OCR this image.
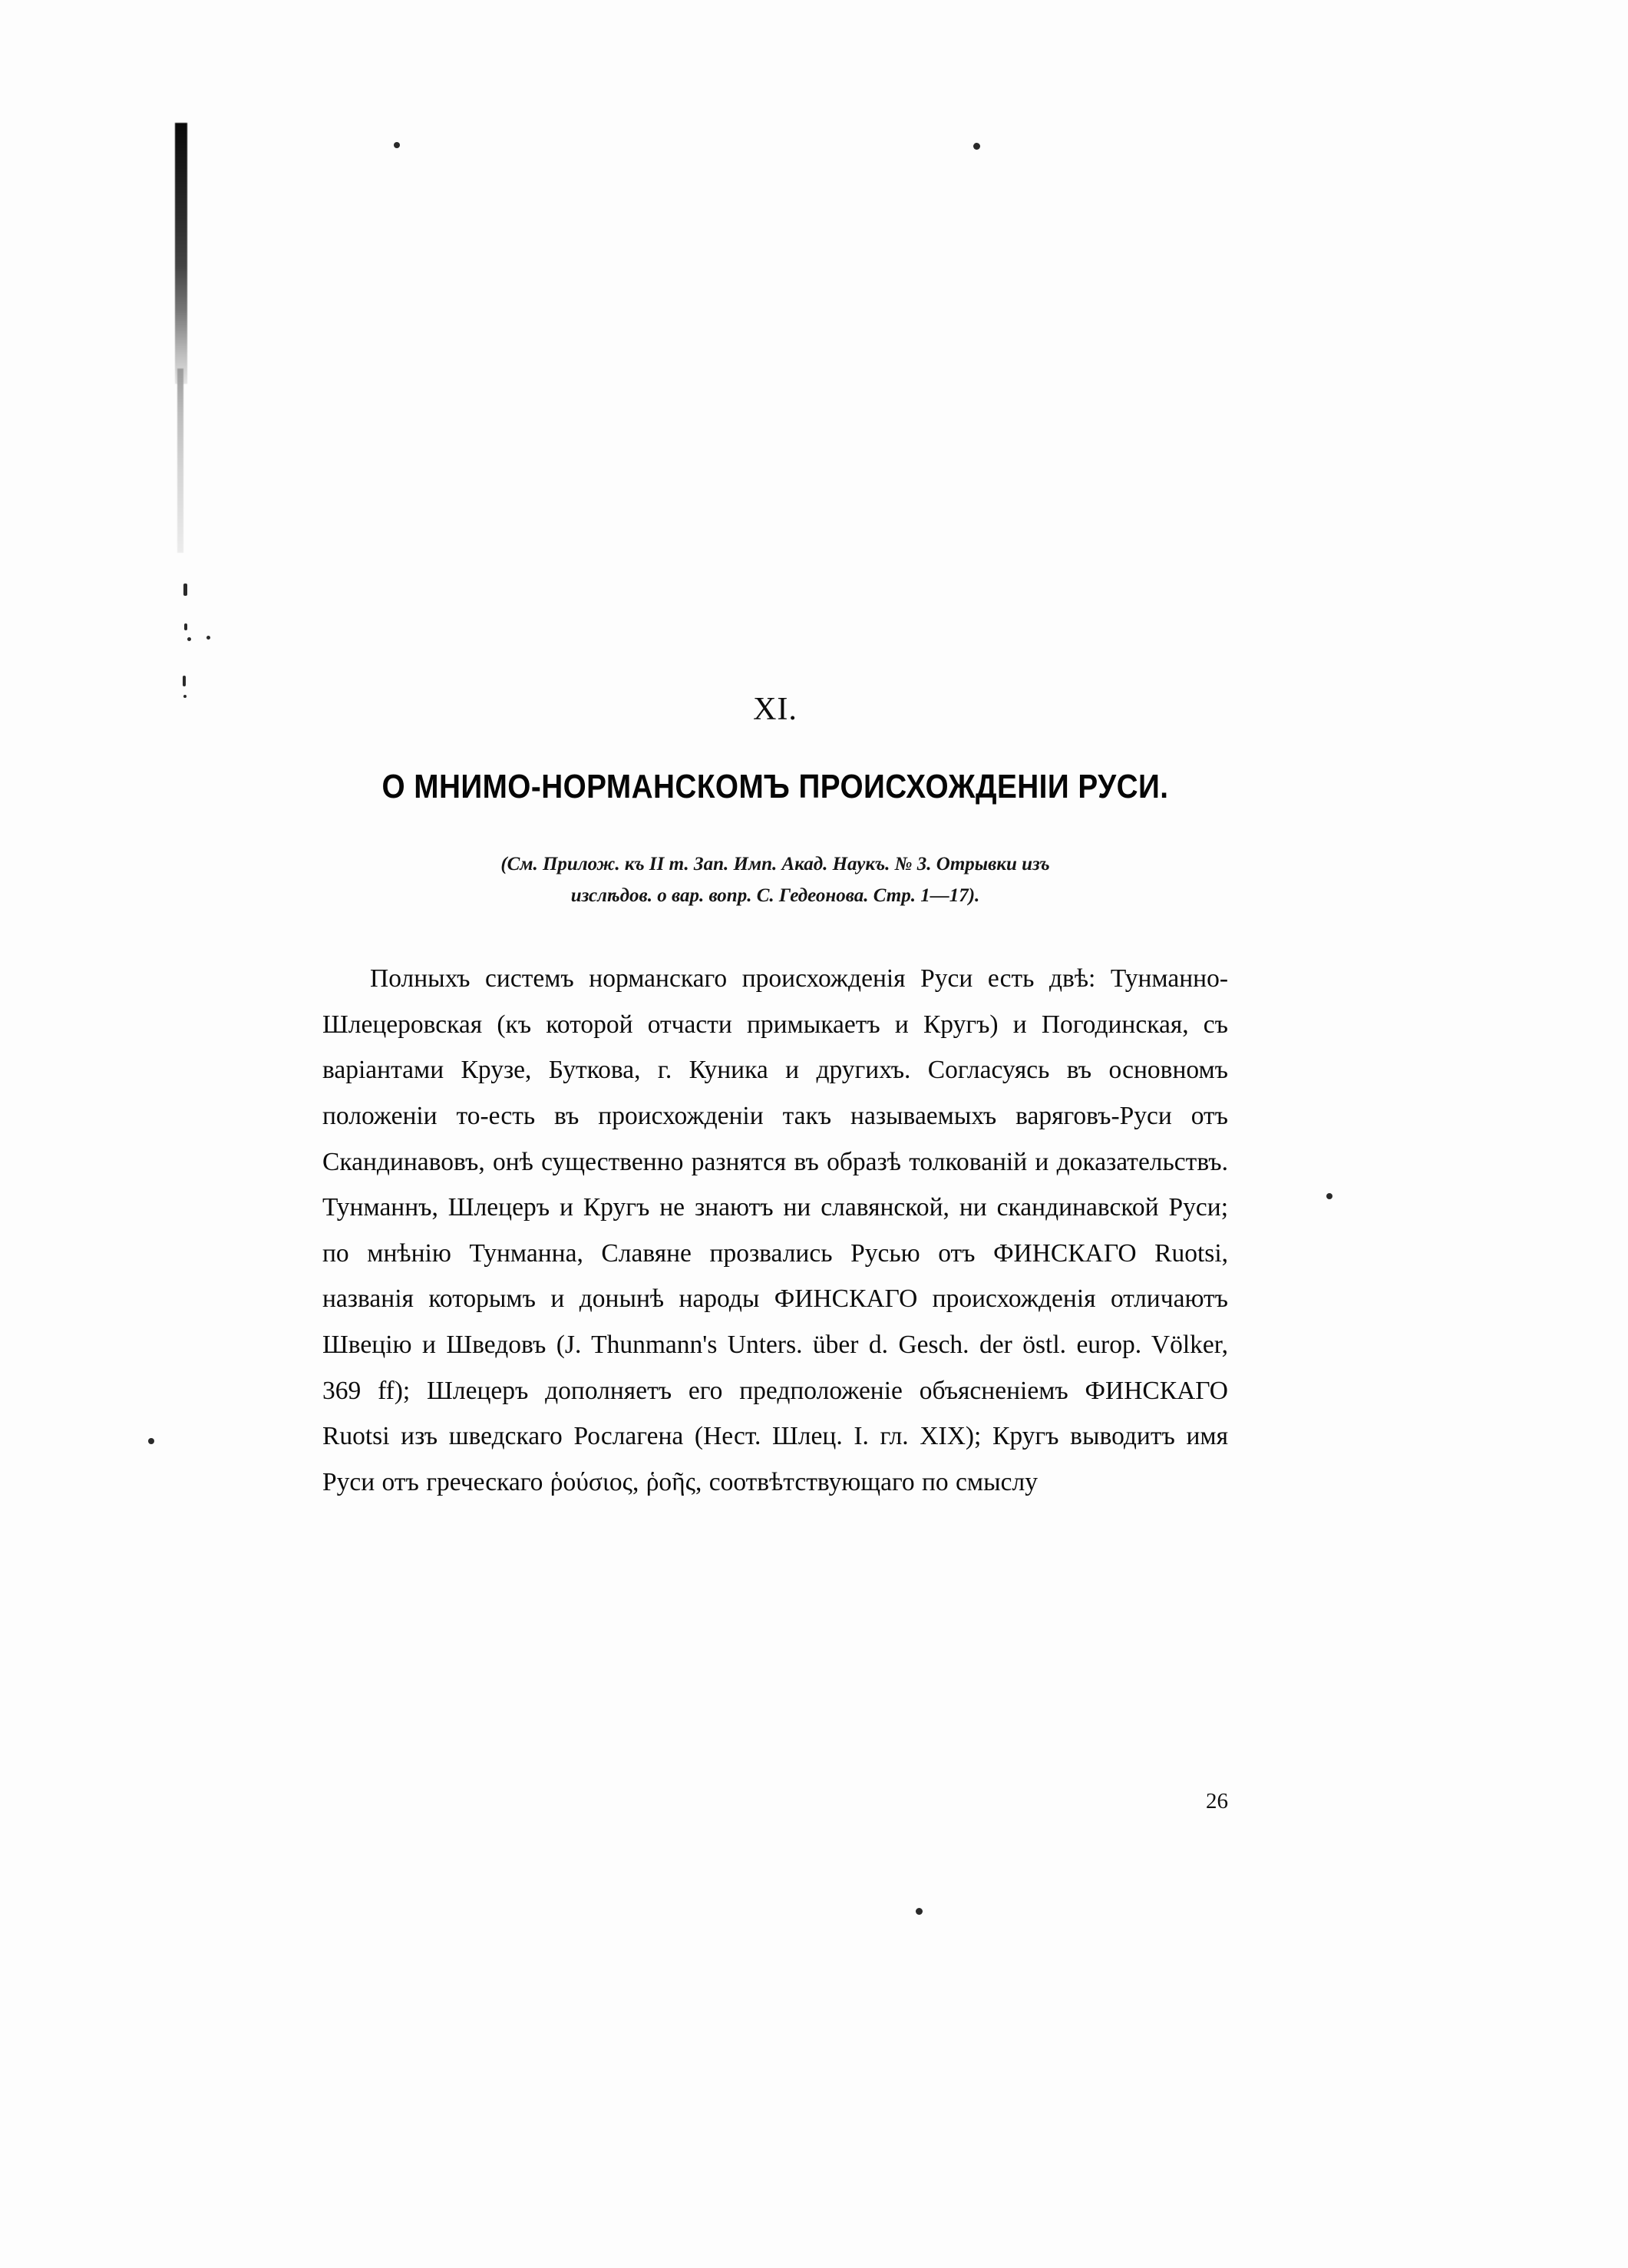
XI.
О МНИМО-НОРМАНСКОМЪ ПРОИСХОЖДЕНІИ РУСИ.
(См. Прилож. къ II т. Зап. Имп. Акад. Наукъ. № 3. Отрывки изъ
изслѣдов. о вар. вопр. С. Гедеонова. Стр. 1—17).

Полныхъ системъ норманскаго происхожденія Руси есть двѣ: Тунманно-Шлецеровская (къ которой отчасти примыкаетъ и Кругъ) и Погодинская, съ варіантами Крузе, Буткова, г. Куника и другихъ. Согласуясь въ основномъ положеніи то-есть въ происхожденіи такъ называемыхъ варяговъ-Руси отъ Скандинавовъ, онѣ существенно разнятся въ образѣ толкованій и доказательствъ. Тунманнъ, Шлецеръ и Кругъ не знаютъ ни славянской, ни скандинавской Руси; по мнѣнію Тунманна, Славяне прозвались Русью отъ ФИНСКАГО Ruotsi, названія которымъ и донынѣ народы ФИНСКАГО происхожденія отличаютъ Швецію и Шведовъ (J. Thunmann's Unters. über d. Gesch. der östl. europ. Völker, 369 ff); Шлецеръ дополняетъ его предположеніе объясненіемъ ФИНСКАГО Ruotsi изъ шведскаго Рослагена (Нест. Шлец. I. гл. XIX); Кругъ выводитъ имя Руси отъ греческаго ῥούσιος, ῥοῆς, соотвѣтствующаго по смыслу

26
